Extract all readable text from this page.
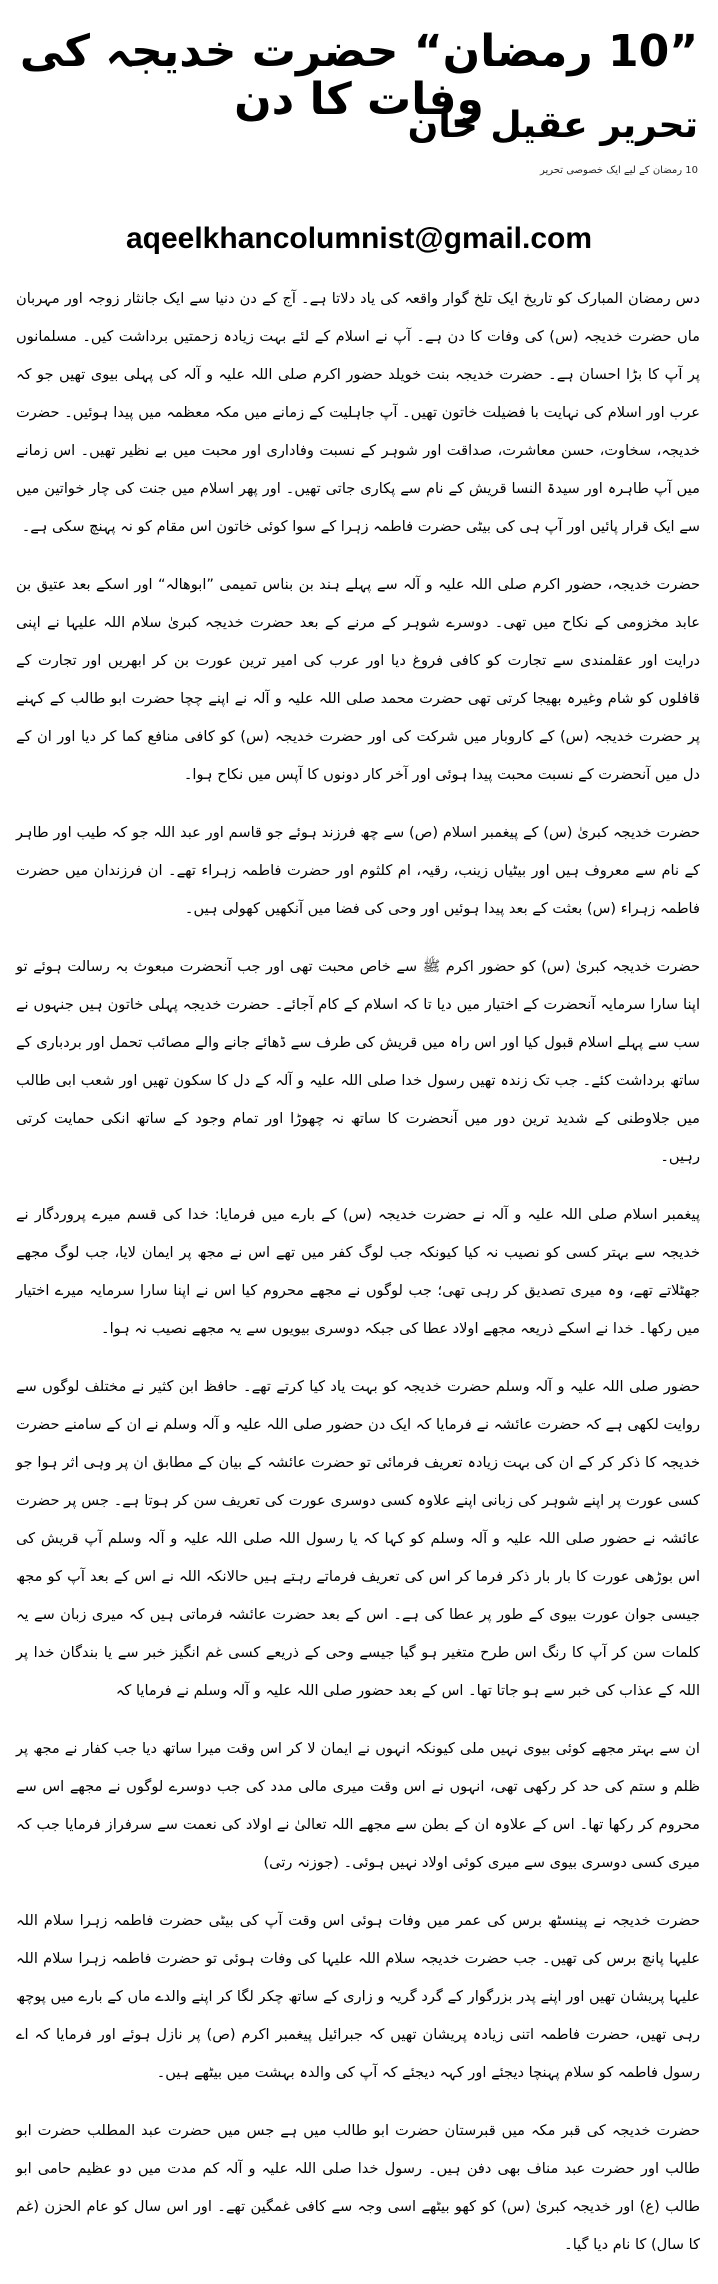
”10 رمضان“ حضرت خدیجہ کی وفات کا دن
تحریر عقیل خان
10 رمضان کے لیے ایک خصوصی تحریر
aqeelkhancolumnist@gmail.com

دس رمضان المبارک کو تاریخ ایک تلخ گوار واقعہ کی یاد دلاتا ہے۔ آج کے دن دنیا سے ایک جانثار زوجہ اور مہربان ماں حضرت خدیجہ (س) کی وفات کا دن ہے۔ آپ نے اسلام کے لئے بہت زیادہ زحمتیں برداشت کیں۔ مسلمانوں پر آپ کا بڑا احسان ہے۔ حضرت خدیجہ بنت خویلد حضور اکرم صلی اللہ علیہ و آلہ کی پہلی بیوی تھیں جو کہ عرب اور اسلام کی نہایت با فضیلت خاتون تھیں۔ آپ جاہلیت کے زمانے میں مکہ معظمہ میں پیدا ہوئیں۔ حضرت خدیجہ، سخاوت، حسن معاشرت، صداقت اور شوہر کے نسبت وفاداری اور محبت میں بے نظیر تھیں۔ اس زمانے میں آپ طاہرہ اور سیدۃ النسا قریش کے نام سے پکاری جاتی تھیں۔ اور پھر اسلام میں جنت کی چار خواتین میں سے ایک قرار پائیں اور آپ ہی کی بیٹی حضرت فاطمہ زہرا کے سوا کوئی خاتون اس مقام کو نہ پہنچ سکی ہے۔

حضرت خدیجہ، حضور اکرم صلی اللہ علیہ و آلہ سے پہلے ہند بن بناس تمیمی ”ابوھالہ“ اور اسکے بعد عتیق بن عابد مخزومی کے نکاح میں تھی۔ دوسرے شوہر کے مرنے کے بعد حضرت خدیجہ کبریٰ سلام اللہ علیہا نے اپنی درایت اور عقلمندی سے تجارت کو کافی فروغ دیا اور عرب کی امیر ترین عورت بن کر ابھریں اور تجارت کے قافلوں کو شام وغیرہ بھیجا کرتی تھی حضرت محمد صلی اللہ علیہ و آلہ نے اپنے چچا حضرت ابو طالب کے کہنے پر حضرت خدیجہ (س) کے کاروبار میں شرکت کی اور حضرت خدیجہ (س) کو کافی منافع کما کر دیا اور ان کے دل میں آنحضرت کے نسبت محبت پیدا ہوئی اور آخر کار دونوں کا آپس میں نکاح ہوا۔

حضرت خدیجہ کبریٰ (س) کے پیغمبر اسلام (ص) سے چھ فرزند ہوئے جو قاسم اور عبد اللہ جو کہ طیب اور طاہر کے نام سے معروف ہیں اور بیٹیاں زینب، رقیہ، ام کلثوم اور حضرت فاطمہ زہراء تھے۔ ان فرزندان میں حضرت فاطمہ زہراء (س) بعثت کے بعد پیدا ہوئیں اور وحی کی فضا میں آنکھیں کھولی ہیں۔

حضرت خدیجہ کبریٰ (س) کو حضور اکرم ﷺ سے خاص محبت تھی اور جب آنحضرت مبعوث بہ رسالت ہوئے تو اپنا سارا سرمایہ آنحضرت کے اختیار میں دیا تا کہ اسلام کے کام آجائے۔ حضرت خدیجہ پہلی خاتون ہیں جنہوں نے سب سے پہلے اسلام قبول کیا اور اس راہ میں قریش کی طرف سے ڈھائے جانے والے مصائب تحمل اور بردباری کے ساتھ برداشت کئے۔ جب تک زندہ تھیں رسول خدا صلی اللہ علیہ و آلہ کے دل کا سکون تھیں اور شعب ابی طالب میں جلاوطنی کے شدید ترین دور میں آنحضرت کا ساتھ نہ چھوڑا اور تمام وجود کے ساتھ انکی حمایت کرتی رہیں۔

پیغمبر اسلام صلی اللہ علیہ و آلہ نے حضرت خدیجہ (س) کے بارے میں فرمایا: خدا کی قسم میرے پروردگار نے خدیجہ سے بہتر کسی کو نصیب نہ کیا کیونکہ جب لوگ کفر میں تھے اس نے مجھ پر ایمان لایا، جب لوگ مجھے جھٹلاتے تھے، وہ میری تصدیق کر رہی تھی؛ جب لوگوں نے مجھے محروم کیا اس نے اپنا سارا سرمایہ میرے اختیار میں رکھا۔ خدا نے اسکے ذریعہ مجھے اولاد عطا کی جبکہ دوسری بیویوں سے یہ مجھے نصیب نہ ہوا۔

حضور صلی اللہ علیہ و آلہ وسلم حضرت خدیجہ کو بہت یاد کیا کرتے تھے۔ حافظ ابن کثیر نے مختلف لوگوں سے روایت لکھی ہے کہ حضرت عائشہ نے فرمایا کہ ایک دن حضور صلی اللہ علیہ و آلہ وسلم نے ان کے سامنے حضرت خدیجہ کا ذکر کر کے ان کی بہت زیادہ تعریف فرمائی تو حضرت عائشہ کے بیان کے مطابق ان پر وہی اثر ہوا جو کسی عورت پر اپنے شوہر کی زبانی اپنے علاوہ کسی دوسری عورت کی تعریف سن کر ہوتا ہے۔ جس پر حضرت عائشہ نے حضور صلی اللہ علیہ و آلہ وسلم کو کہا کہ یا رسول اللہ صلی اللہ علیہ و آلہ وسلم آپ قریش کی اس بوڑھی عورت کا بار بار ذکر فرما کر اس کی تعریف فرماتے رہتے ہیں حالانکہ اللہ نے اس کے بعد آپ کو مجھ جیسی جوان عورت بیوی کے طور پر عطا کی ہے۔ اس کے بعد حضرت عائشہ فرماتی ہیں کہ میری زبان سے یہ کلمات سن کر آپ کا رنگ اس طرح متغیر ہو گیا جیسے وحی کے ذریعے کسی غم انگیز خبر سے یا بندگان خدا پر اللہ کے عذاب کی خبر سے ہو جاتا تھا۔ اس کے بعد حضور صلی اللہ علیہ و آلہ وسلم نے فرمایا کہ

ان سے بہتر مجھے کوئی بیوی نہیں ملی کیونکہ انہوں نے ایمان لا کر اس وقت میرا ساتھ دیا جب کفار نے مجھ پر ظلم و ستم کی حد کر رکھی تھی، انہوں نے اس وقت میری مالی مدد کی جب دوسرے لوگوں نے مجھے اس سے محروم کر رکھا تھا۔ اس کے علاوہ ان کے بطن سے مجھے اللہ تعالیٰ نے اولاد کی نعمت سے سرفراز فرمایا جب کہ میری کسی دوسری بیوی سے میری کوئی اولاد نہیں ہوئی۔ (جوزنہ رتی)

حضرت خدیجہ نے پینسٹھ برس کی عمر میں وفات ہوئی اس وقت آپ کی بیٹی حضرت فاطمہ زہرا سلام اللہ علیہا پانچ برس کی تھیں۔ جب حضرت خدیجہ سلام اللہ علیہا کی وفات ہوئی تو حضرت فاطمہ زہرا سلام اللہ علیہا پریشان تھیں اور اپنے پدر بزرگوار کے گرد گریہ و زاری کے ساتھ چکر لگا کر اپنے والدے ماں کے بارے میں پوچھ رہی تھیں، حضرت فاطمہ اتنی زیادہ پریشان تھیں کہ جبرائیل پیغمبر اکرم (ص) پر نازل ہوئے اور فرمایا کہ اے رسول فاطمہ کو سلام پہنچا دیجئے اور کہہ دیجئے کہ آپ کی والدہ بہشت میں بیٹھے ہیں۔

حضرت خدیجہ کی قبر مکہ میں قبرستان حضرت ابو طالب میں ہے جس میں حضرت عبد المطلب حضرت ابو طالب اور حضرت عبد مناف بھی دفن ہیں۔ رسول خدا صلی اللہ علیہ و آلہ کم مدت میں دو عظیم حامی ابو طالب (ع) اور خدیجہ کبریٰ (س) کو کھو بیٹھے اسی وجہ سے کافی غمگین تھے۔ اور اس سال کو عام الحزن (غم کا سال) کا نام دیا گیا۔
